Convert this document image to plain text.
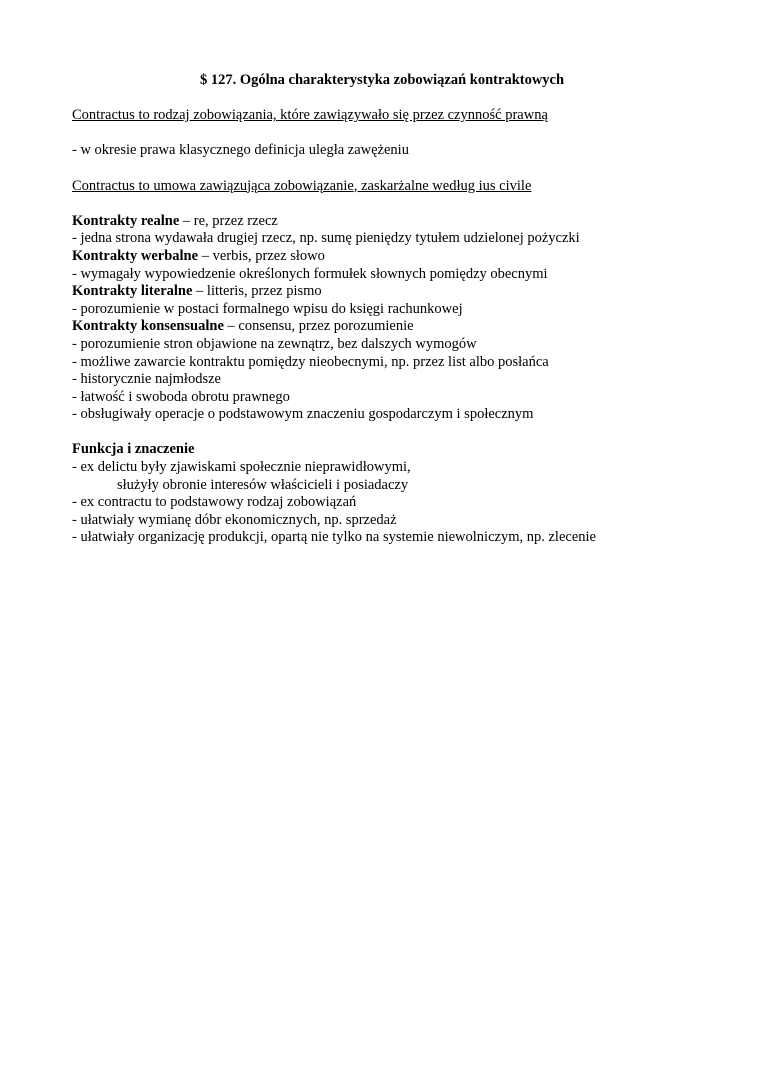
$ 127. Ogólna charakterystyka zobowiązań kontraktowych

Contractus to rodzaj zobowiązania, które zawiązywało się przez czynność prawną

- w okresie prawa klasycznego definicja uległa zawężeniu

Contractus to umowa zawiązująca zobowiązanie, zaskarżalne według ius civile

Kontrakty realne – re, przez rzecz

- jedna strona wydawała drugiej rzecz, np. sumę pieniędzy tytułem udzielonej pożyczki

Kontrakty werbalne – verbis, przez słowo

- wymagały wypowiedzenie określonych formułek słownych pomiędzy obecnymi

Kontrakty literalne – litteris, przez pismo

- porozumienie w postaci formalnego wpisu do księgi rachunkowej

Kontrakty konsensualne – consensu, przez porozumienie

- porozumienie stron objawione na zewnątrz, bez dalszych wymogów

- możliwe zawarcie kontraktu pomiędzy nieobecnymi, np. przez list albo posłańca

- historycznie najmłodsze

- łatwość i swoboda obrotu prawnego

- obsługiwały operacje o podstawowym znaczeniu gospodarczym i społecznym

Funkcja i znaczenie

- ex delictu były zjawiskami społecznie nieprawidłowymi,

służyły obronie interesów właścicieli i posiadaczy

- ex contractu to podstawowy rodzaj zobowiązań

- ułatwiały wymianę dóbr ekonomicznych, np. sprzedaż

- ułatwiały organizację produkcji, opartą nie tylko na systemie niewolniczym, np. zlecenie
